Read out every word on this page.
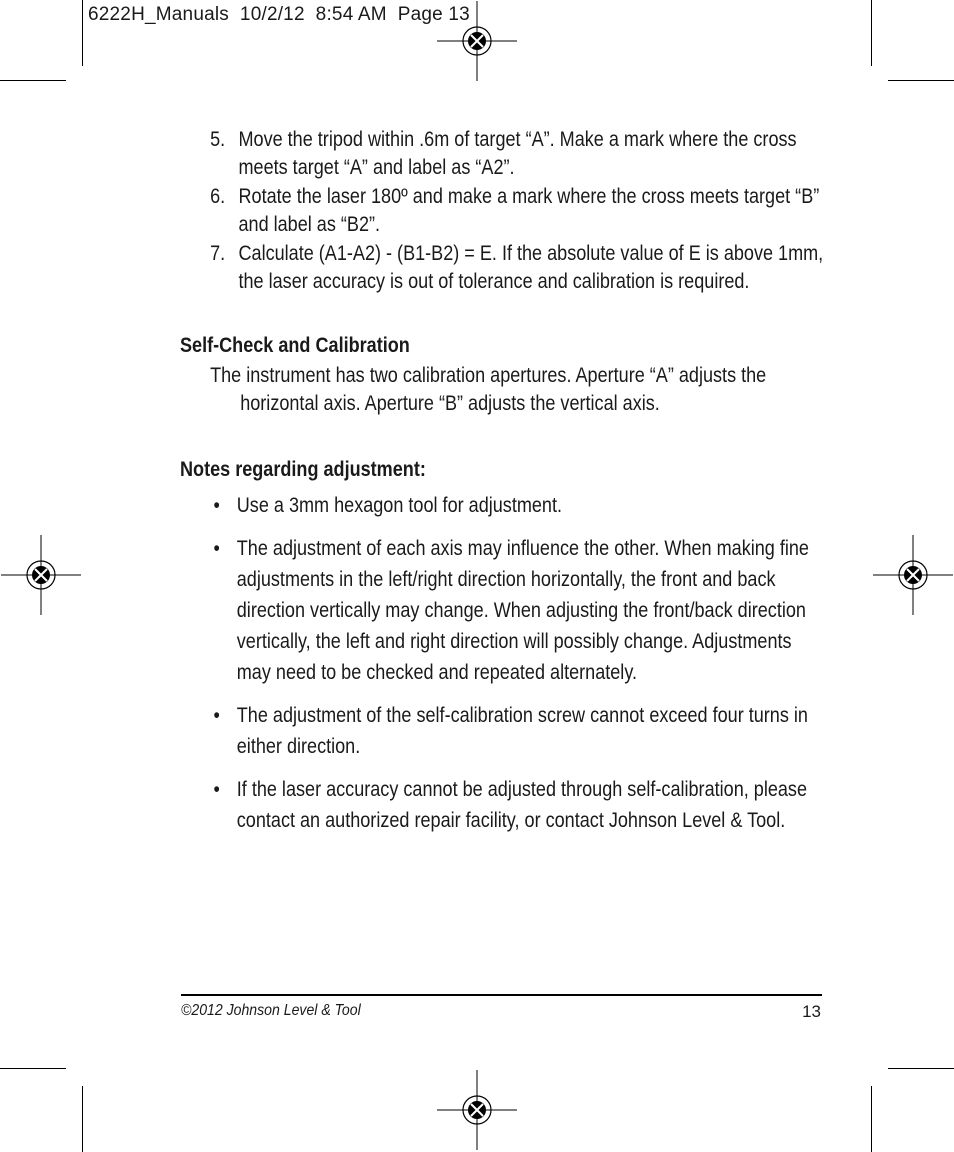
6222H_Manuals  10/2/12  8:54 AM  Page 13
5. Move the tripod within .6m of target “A”. Make a mark where the cross meets target “A” and label as “A2”.
6. Rotate the laser 180º and make a mark where the cross meets target “B” and label as “B2”.
7. Calculate (A1-A2) - (B1-B2) = E. If the absolute value of E is above 1mm, the laser accuracy is out of tolerance and calibration is required.
Self-Check and Calibration

The instrument has two calibration apertures. Aperture “A” adjusts the horizontal axis. Aperture “B” adjusts the vertical axis.

Notes regarding adjustment:
• Use a 3mm hexagon tool for adjustment.
• The adjustment of each axis may influence the other. When making fine adjustments in the left/right direction horizontally, the front and back direction vertically may change. When adjusting the front/back direction vertically, the left and right direction will possibly change. Adjustments may need to be checked and repeated alternately.
• The adjustment of the self-calibration screw cannot exceed four turns in either direction.
• If the laser accuracy cannot be adjusted through self-calibration, please contact an authorized repair facility, or contact Johnson Level & Tool.
©2012 Johnson Level & Tool	13
